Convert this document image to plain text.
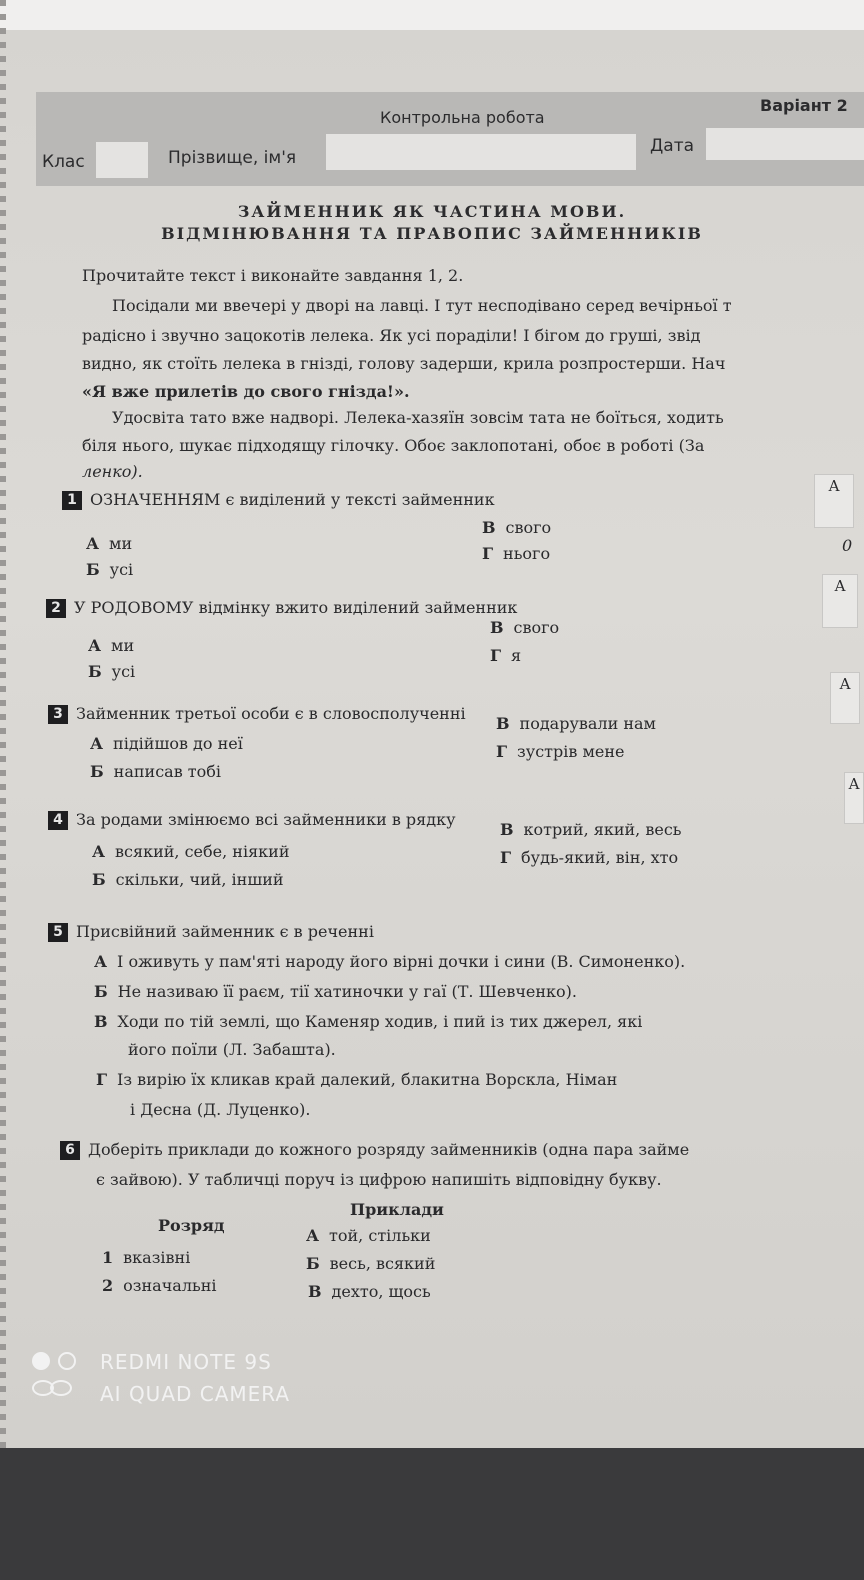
Контрольна робота
Варіант 2
Клас	Прізвище, ім'я
Дата
ЗАЙМЕННИК ЯК ЧАСТИНА МОВИ.
ВІДМІНЮВАННЯ ТА ПРАВОПИС ЗАЙМЕННИКІВ
Прочитайте текст і виконайте завдання 1, 2.
Посідали ми ввечері у дворі на лавці. І тут несподівано серед вечірньої т
радісно і звучно зацокотів лелека. Як усі пораділи! І бігом до груші, звід
видно, як стоїть лелека в гнізді, голову задерши, крила розпростерши. Нач
«Я вже прилетів до свого гнізда!».
Удосвіта тато вже надворі. Лелека-хазяїн зовсім тата не боїться, ходить
біля нього, шукає підходящу гілочку. Обоє заклопотані, обоє в роботі (За
ленко).
1 ОЗНАЧЕННЯМ є виділений у тексті займенник
А ми
Б усі
В свого
Г нього
А
0
2 У РОДОВОМУ відмінку вжито виділений займенник
А ми
Б усі
В свого
Г я
А
3 Займенник третьої особи є в словосполученні
А підійшов до неї
Б написав тобі
В подарували нам
Г зустрів мене
А
4 За родами змінюємо всі займенники в рядку
А всякий, себе, ніякий
Б скільки, чий, інший
В котрий, який, весь
Г будь-який, він, хто
А
5 Присвійний займенник є в реченні
А І оживуть у пам'яті народу його вірні дочки і сини (В. Симоненко).
Б Не називаю її раєм, тії хатиночки у гаї (Т. Шевченко).
В Ходи по тій землі, що Каменяр ходив, і пий із тих джерел, які
його поїли (Л. Забашта).
Г Із вирію їх кликав край далекий, блакитна Ворскла, Німан
і Десна (Д. Луценко).
6 Доберіть приклади до кожного розряду займенників (одна пара займе
є зайвою). У табличці поруч із цифрою напишіть відповідну букву.
Розряд
Приклади
1 вказівні
2 означальні
А той, стільки
Б весь, всякий
В дехто, щось
REDMI NOTE 9S
AI QUAD CAMERA
